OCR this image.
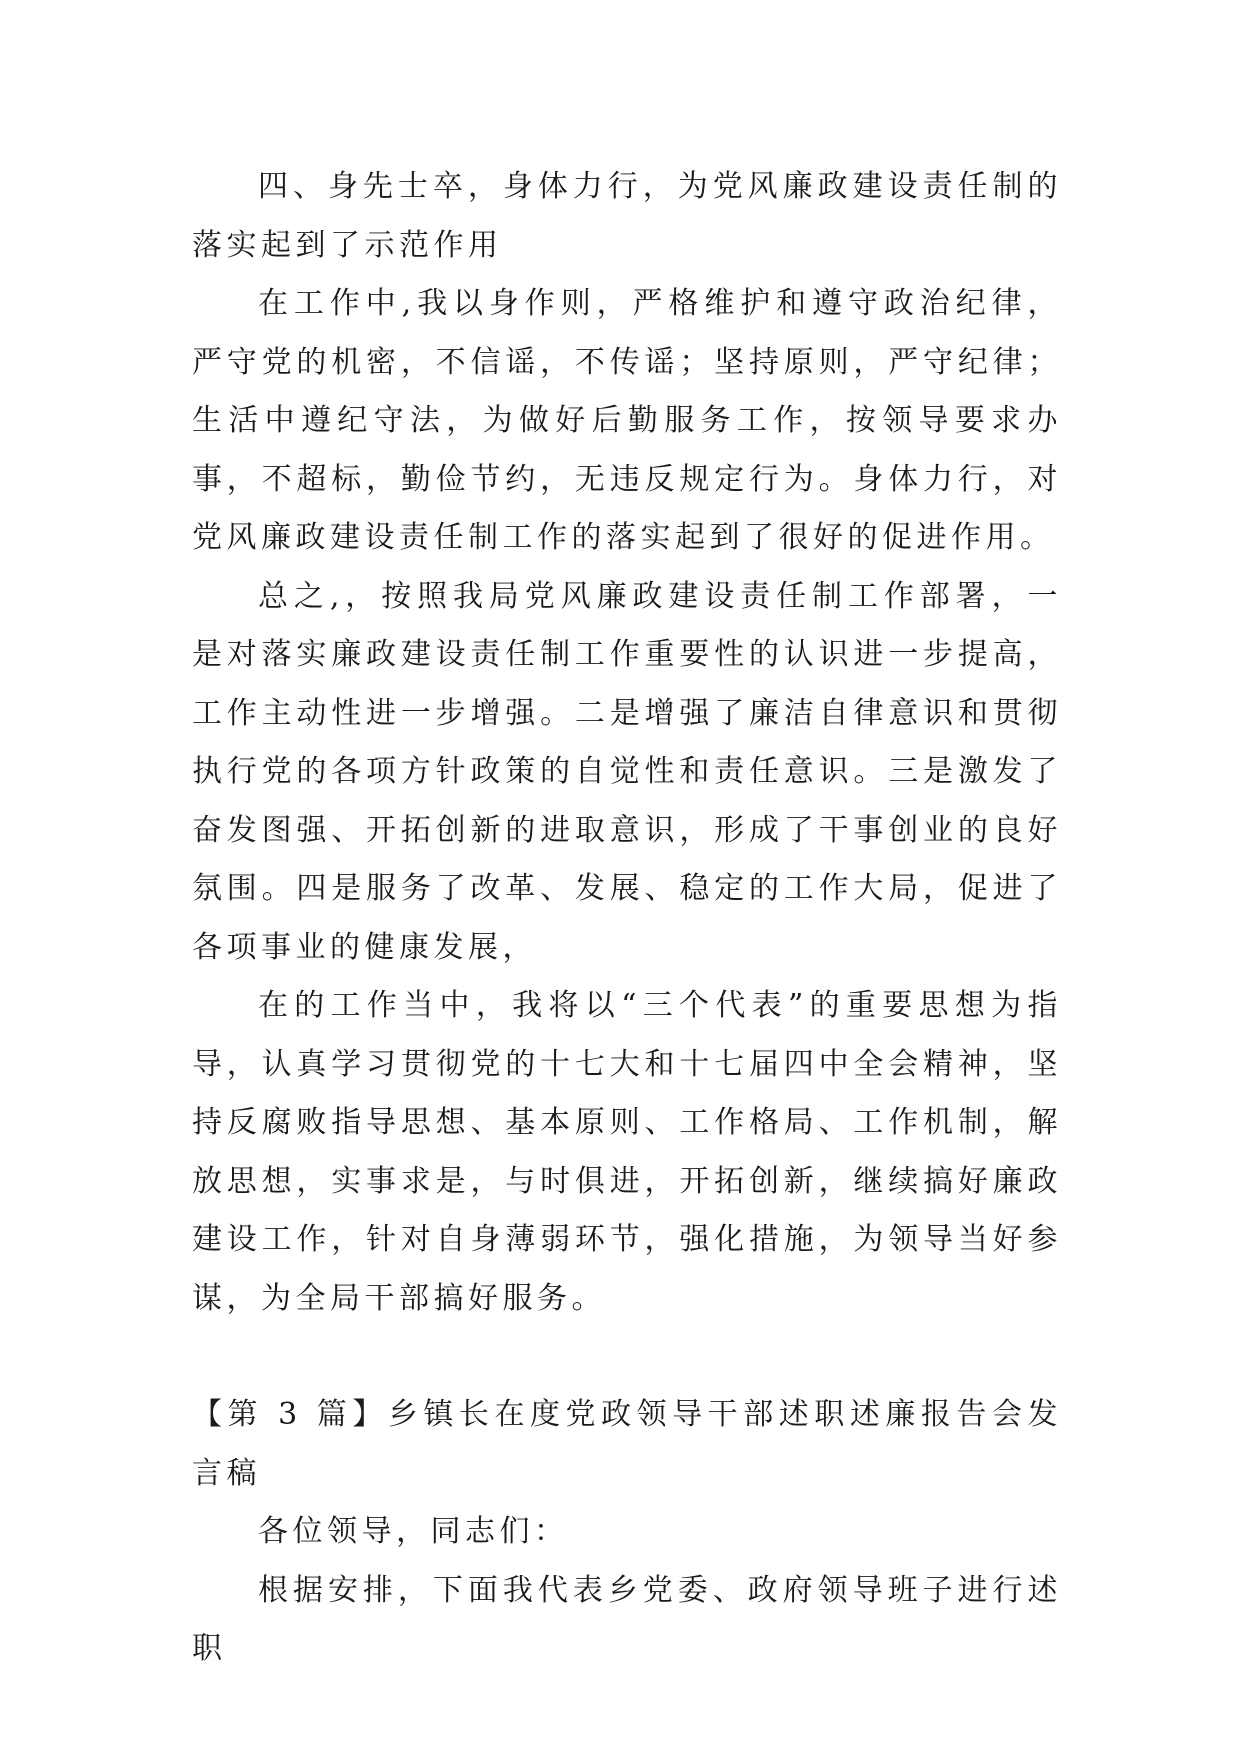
四、身先士卒，身体力行，为党风廉政建设责任制的落实起到了示范作用

在工作中,我以身作则，严格维护和遵守政治纪律，严守党的机密，不信谣，不传谣；坚持原则，严守纪律；生活中遵纪守法，为做好后勤服务工作，按领导要求办事，不超标，勤俭节约，无违反规定行为。身体力行，对党风廉政建设责任制工作的落实起到了很好的促进作用。

总之,，按照我局党风廉政建设责任制工作部署，一是对落实廉政建设责任制工作重要性的认识进一步提高，工作主动性进一步增强。二是增强了廉洁自律意识和贯彻执行党的各项方针政策的自觉性和责任意识。三是激发了奋发图强、开拓创新的进取意识，形成了干事创业的良好氛围。四是服务了改革、发展、稳定的工作大局，促进了各项事业的健康发展，

在的工作当中，我将以“三个代表”的重要思想为指导，认真学习贯彻党的十七大和十七届四中全会精神，坚持反腐败指导思想、基本原则、工作格局、工作机制，解放思想，实事求是，与时俱进，开拓创新，继续搞好廉政建设工作，针对自身薄弱环节，强化措施，为领导当好参谋，为全局干部搞好服务。

【第 3 篇】乡镇长在度党政领导干部述职述廉报告会发言稿

各位领导，同志们：

根据安排，下面我代表乡党委、政府领导班子进行述职
